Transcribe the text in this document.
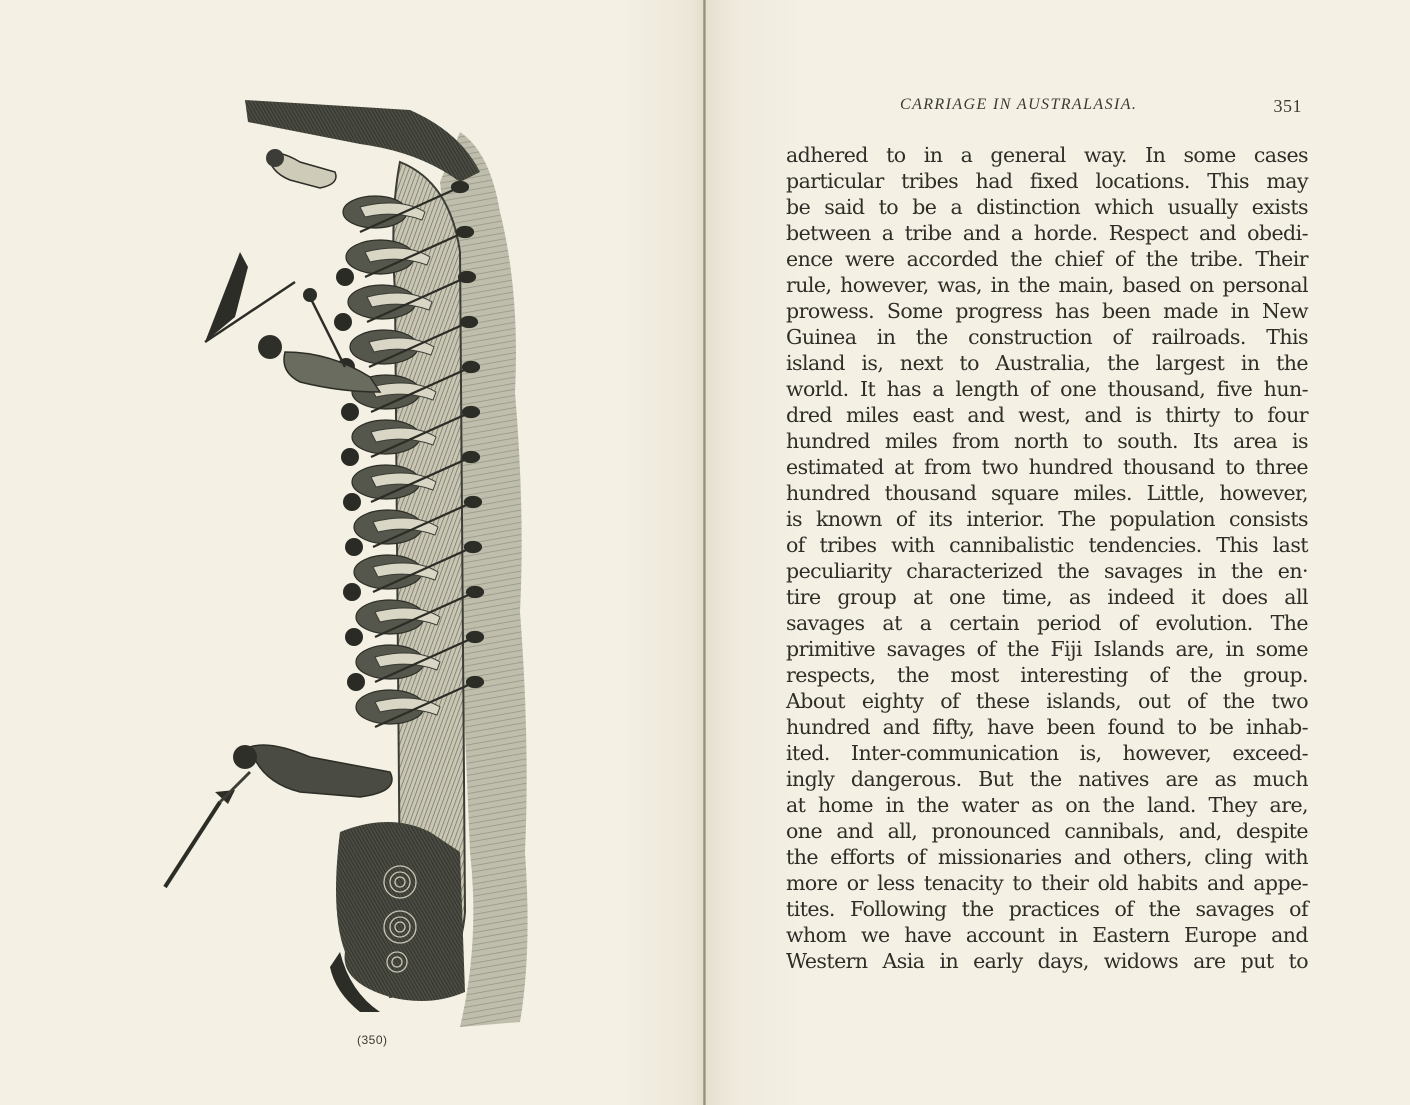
(350)
CARRIAGE IN AUSTRALASIA.	351
adhered to in a general way. In some cases
particular tribes had fixed locations. This may
be said to be a distinction which usually exists
between a tribe and a horde. Respect and obedi-
ence were accorded the chief of the tribe. Their
rule, however, was, in the main, based on personal
prowess. Some progress has been made in New
Guinea in the construction of railroads. This
island is, next to Australia, the largest in the
world. It has a length of one thousand, five hun-
dred miles east and west, and is thirty to four
hundred miles from north to south. Its area is
estimated at from two hundred thousand to three
hundred thousand square miles. Little, however,
is known of its interior. The population consists
of tribes with cannibalistic tendencies. This last
peculiarity characterized the savages in the en·
tire group at one time, as indeed it does all
savages at a certain period of evolution. The
primitive savages of the Fiji Islands are, in some
respects, the most interesting of the group.
About eighty of these islands, out of the two
hundred and fifty, have been found to be inhab-
ited. Inter-communication is, however, exceed-
ingly dangerous. But the natives are as much
at home in the water as on the land. They are,
one and all, pronounced cannibals, and, despite
the efforts of missionaries and others, cling with
more or less tenacity to their old habits and appe-
tites. Following the practices of the savages of
whom we have account in Eastern Europe and
Western Asia in early days, widows are put to
